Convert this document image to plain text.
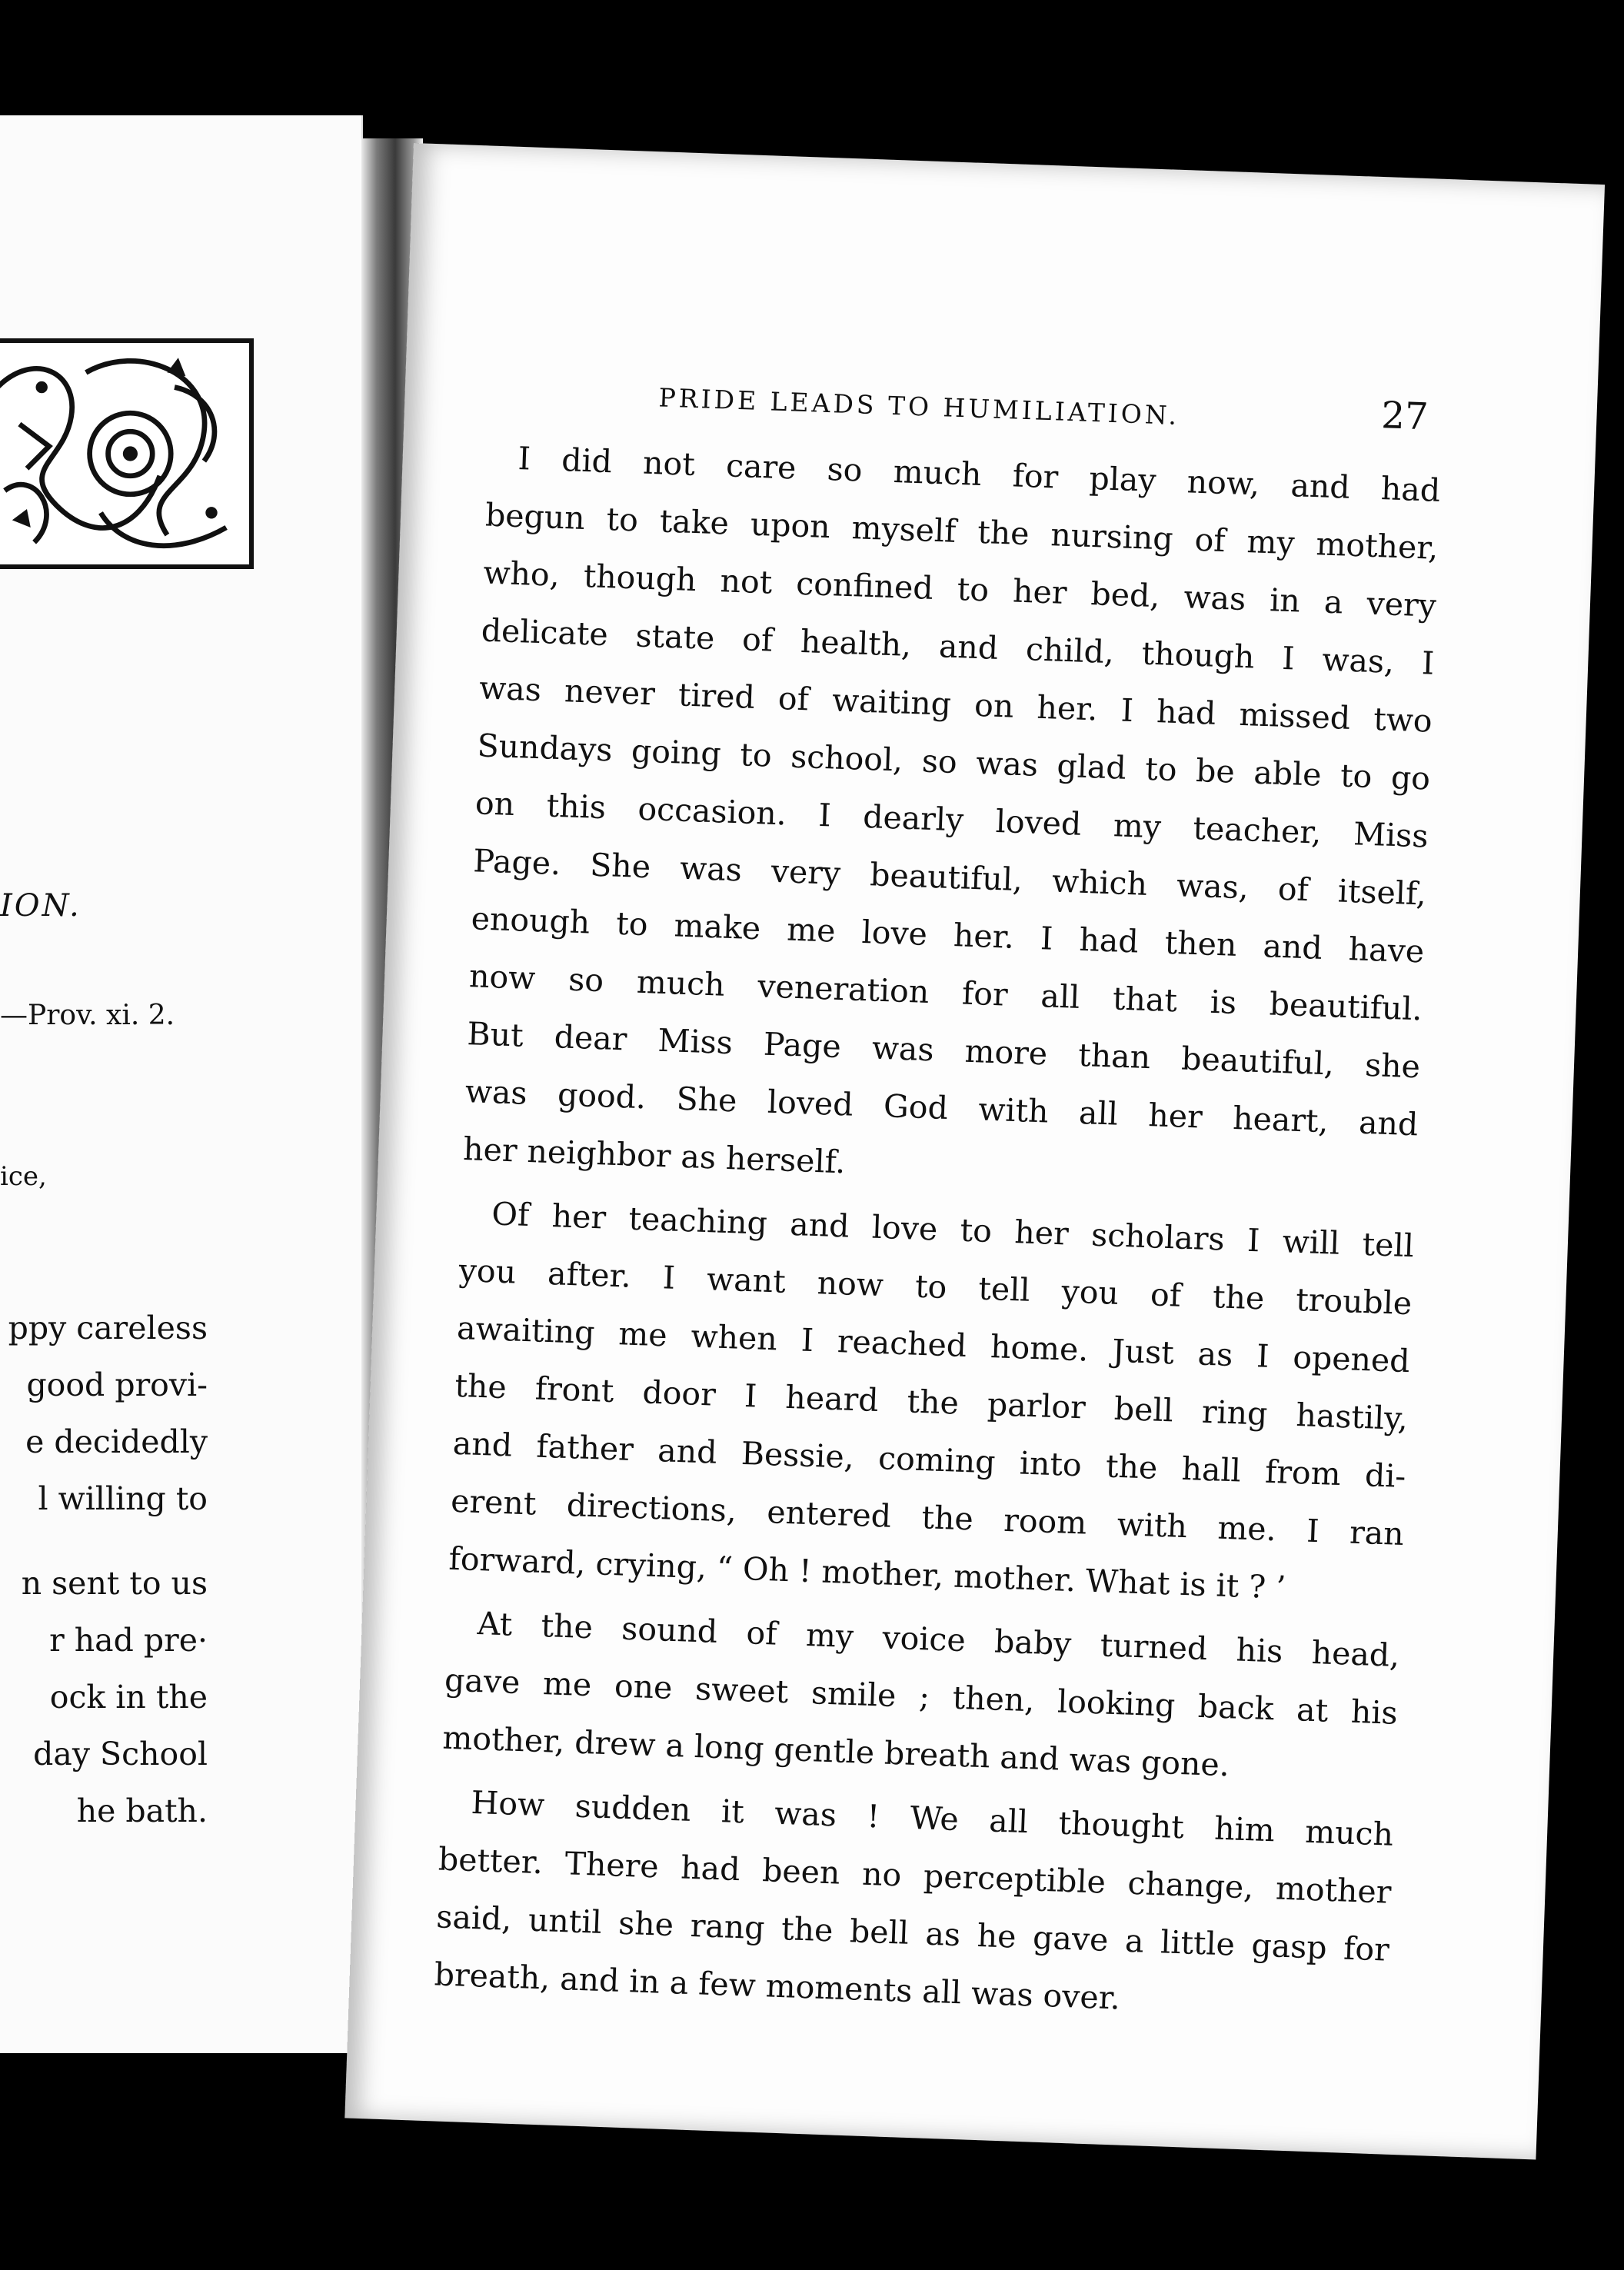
ION.
—Prov. xi. 2.
ice,
ppy careless
good provi-
e decidedly
l willing to
n sent to us
r had pre·
ock in the
day School
he bath.
PRIDE LEADS TO HUMILIATION.	27
I did not care so much for play now, and had
begun to take upon myself the nursing of my mother,
who, though not confined to her bed, was in a very
delicate state of health, and child, though I was, I
was never tired of waiting on her. I had missed two
Sundays going to school, so was glad to be able to go
on this occasion. I dearly loved my teacher, Miss
Page. She was very beautiful, which was, of itself,
enough to make me love her. I had then and have
now so much veneration for all that is beautiful.
But dear Miss Page was more than beautiful, she
was good. She loved God with all her heart, and
her neighbor as herself.
Of her teaching and love to her scholars I will tell
you after. I want now to tell you of the trouble
awaiting me when I reached home. Just as I opened
the front door I heard the parlor bell ring hastily,
and father and Bessie, coming into the hall from di-
erent directions, entered the room with me. I ran
forward, crying, “ Oh ! mother, mother. What is it ? ’
At the sound of my voice baby turned his head,
gave me one sweet smile ; then, looking back at his
mother, drew a long gentle breath and was gone.
How sudden it was ! We all thought him much
better. There had been no perceptible change, mother
said, until she rang the bell as he gave a little gasp for
breath, and in a few moments all was over.
